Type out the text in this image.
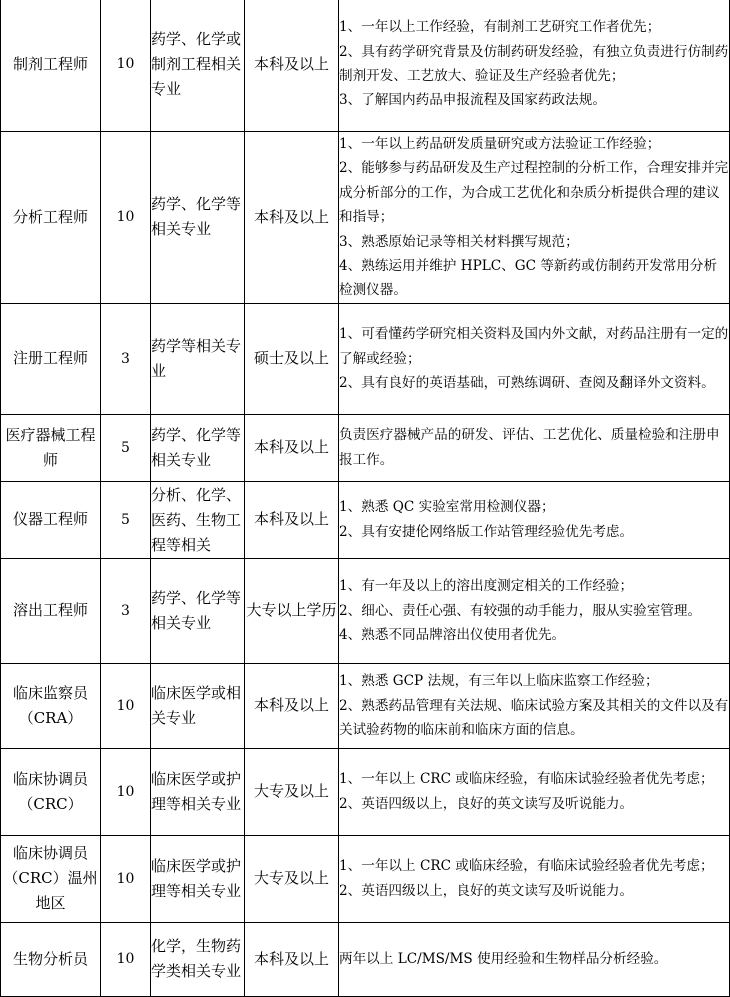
制剂工程师	10	药学、化学或制剂工程相关专业	本科及以上	1、一年以上工作经验，有制剂工艺研究工作者优先；
2、具有药学研究背景及仿制药研发经验，有独立负责进行仿制药制剂开发、工艺放大、验证及生产经验者优先；
3、了解国内药品申报流程及国家药政法规。

分析工程师	10	药学、化学等相关专业	本科及以上	1、一年以上药品研发质量研究或方法验证工作经验；
2、能够参与药品研发及生产过程控制的分析工作，合理安排并完成分析部分的工作，为合成工艺优化和杂质分析提供合理的建议和指导；
3、熟悉原始记录等相关材料撰写规范；
4、熟练运用并维护 HPLC、GC 等新药或仿制药开发常用分析检测仪器。

注册工程师	3	药学等相关专业	硕士及以上	1、可看懂药学研究相关资料及国内外文献，对药品注册有一定的了解或经验；
2、具有良好的英语基础，可熟练调研、查阅及翻译外文资料。

医疗器械工程师	5	药学、化学等相关专业	本科及以上	负责医疗器械产品的研发、评估、工艺优化、质量检验和注册申报工作。

仪器工程师	5	分析、化学、医药、生物工程等相关	本科及以上	1、熟悉 QC 实验室常用检测仪器；
2、具有安捷伦网络版工作站管理经验优先考虑。

溶出工程师	3	药学、化学等相关专业	大专以上学历	1、有一年及以上的溶出度测定相关的工作经验；
2、细心、责任心强、有较强的动手能力，服从实验室管理。
4、熟悉不同品牌溶出仪使用者优先。

临床监察员（CRA）	10	临床医学或相关专业	本科及以上	1、熟悉 GCP 法规，有三年以上临床监察工作经验；
2、熟悉药品管理有关法规、临床试验方案及其相关的文件以及有关试验药物的临床前和临床方面的信息。

临床协调员（CRC）	10	临床医学或护理等相关专业	大专及以上	1、一年以上 CRC 或临床经验，有临床试验经验者优先考虑；
2、英语四级以上，良好的英文读写及听说能力。

临床协调员（CRC）温州地区	10	临床医学或护理等相关专业	大专及以上	1、一年以上 CRC 或临床经验，有临床试验经验者优先考虑；
2、英语四级以上，良好的英文读写及听说能力。

生物分析员	10	化学，生物药学类相关专业	本科及以上	两年以上 LC/MS/MS 使用经验和生物样品分析经验。
